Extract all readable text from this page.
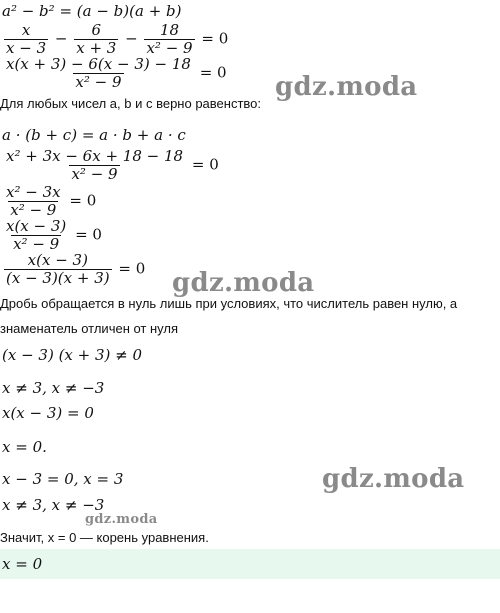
a² − b² = (a − b)(a + b)
$\frac{x}{x - 3} - \frac{6}{x + 3} - \frac{18}{\text{x² − 9}} = 0$
$\frac{x(x + 3) - 6(x - 3) - 18}{\text{x² − 9}} = 0$ gdz.moda
Для любых чисел a, b и c верно равенство:
a · (b + c) = a · b + a · c
$\frac{\text{x² + 3x − 6x + 18 − 18}}{\text{x² − 9}} = 0$
$\frac{\text{x² − 3x}}{\text{x² − 9}} = 0$
$\frac{x(x - 3)}{\text{x² − 9}} = 0$
$\frac{x(x - 3)}{(x - 3)(x + 3)} = 0$ gdz.moda
Дробь обращается в нуль лишь при условиях, что числитель равен нулю, а
знаменатель отличен от нуля
(x − 3) (x + 3) ≠ 0
x ≠ 3, x ≠ −3
x(x − 3) = 0
x = 0.
x − 3 = 0, x = 3	gdz.moda
x ≠ 3, x ≠ −3
gdz.moda
Значит, x = 0 — корень уравнения.
x = 0
